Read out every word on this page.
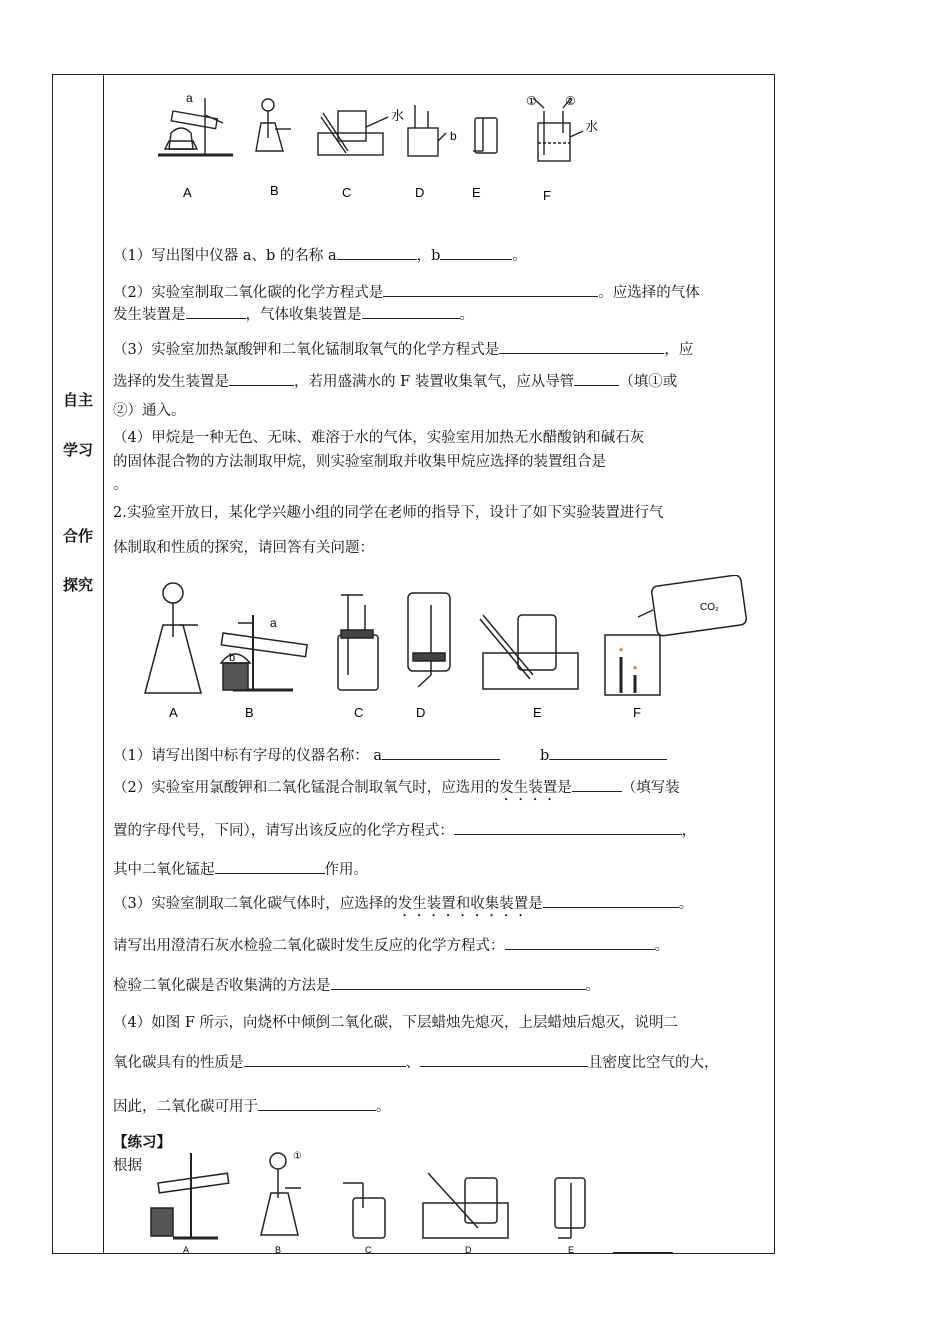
自主
学习
合作
探究
a
b
水
水
① ②
A	B	C	D	E	F
（1）写出图中仪器 a、b 的名称 a	，b	。
（2）实验室制取二氧化碳的化学方程式是	。应选择的气体
发生装置是	，气体收集装置是	。
（3）实验室加热氯酸钾和二氧化锰制取氧气的化学方程式是	，应
选择的发生装置是	，若用盛满水的 F 装置收集氧气，应从导管	（填①或
②）通入。
（4）甲烷是一种无色、无味、难溶于水的气体，实验室用加热无水醋酸钠和碱石灰
的固体混合物的方法制取甲烷，则实验室制取并收集甲烷应选择的装置组合是
。
2.实验室开放日，某化学兴趣小组的同学在老师的指导下，设计了如下实验装置进行气
体制取和性质的探究，请回答有关问题：
CO₂
a
b
A	B	C	D	E	F
（1）请写出图中标有字母的仪器名称： a	b
（2）实验室用氯酸钾和二氧化锰混合制取氧气时，应选用的发生装置是	（填写装
置的字母代号，下同），请写出该反应的化学方程式：	，
其中二氧化锰起	作用。
（3）实验室制取二氧化碳气体时，应选择的发生装置和收集装置是	。
请写出用澄清石灰水检验二氧化碳时发生反应的化学方程式：	。
检验二氧化碳是否收集满的方法是	。
（4）如图 F 所示，向烧杯中倾倒二氧化碳，下层蜡烛先熄灭，上层蜡烛后熄灭，说明二
氧化碳具有的性质是	、	且密度比空气的大，
因此，二氧化碳可用于	。
【练习】
根据
①
A	B	C	D	E
